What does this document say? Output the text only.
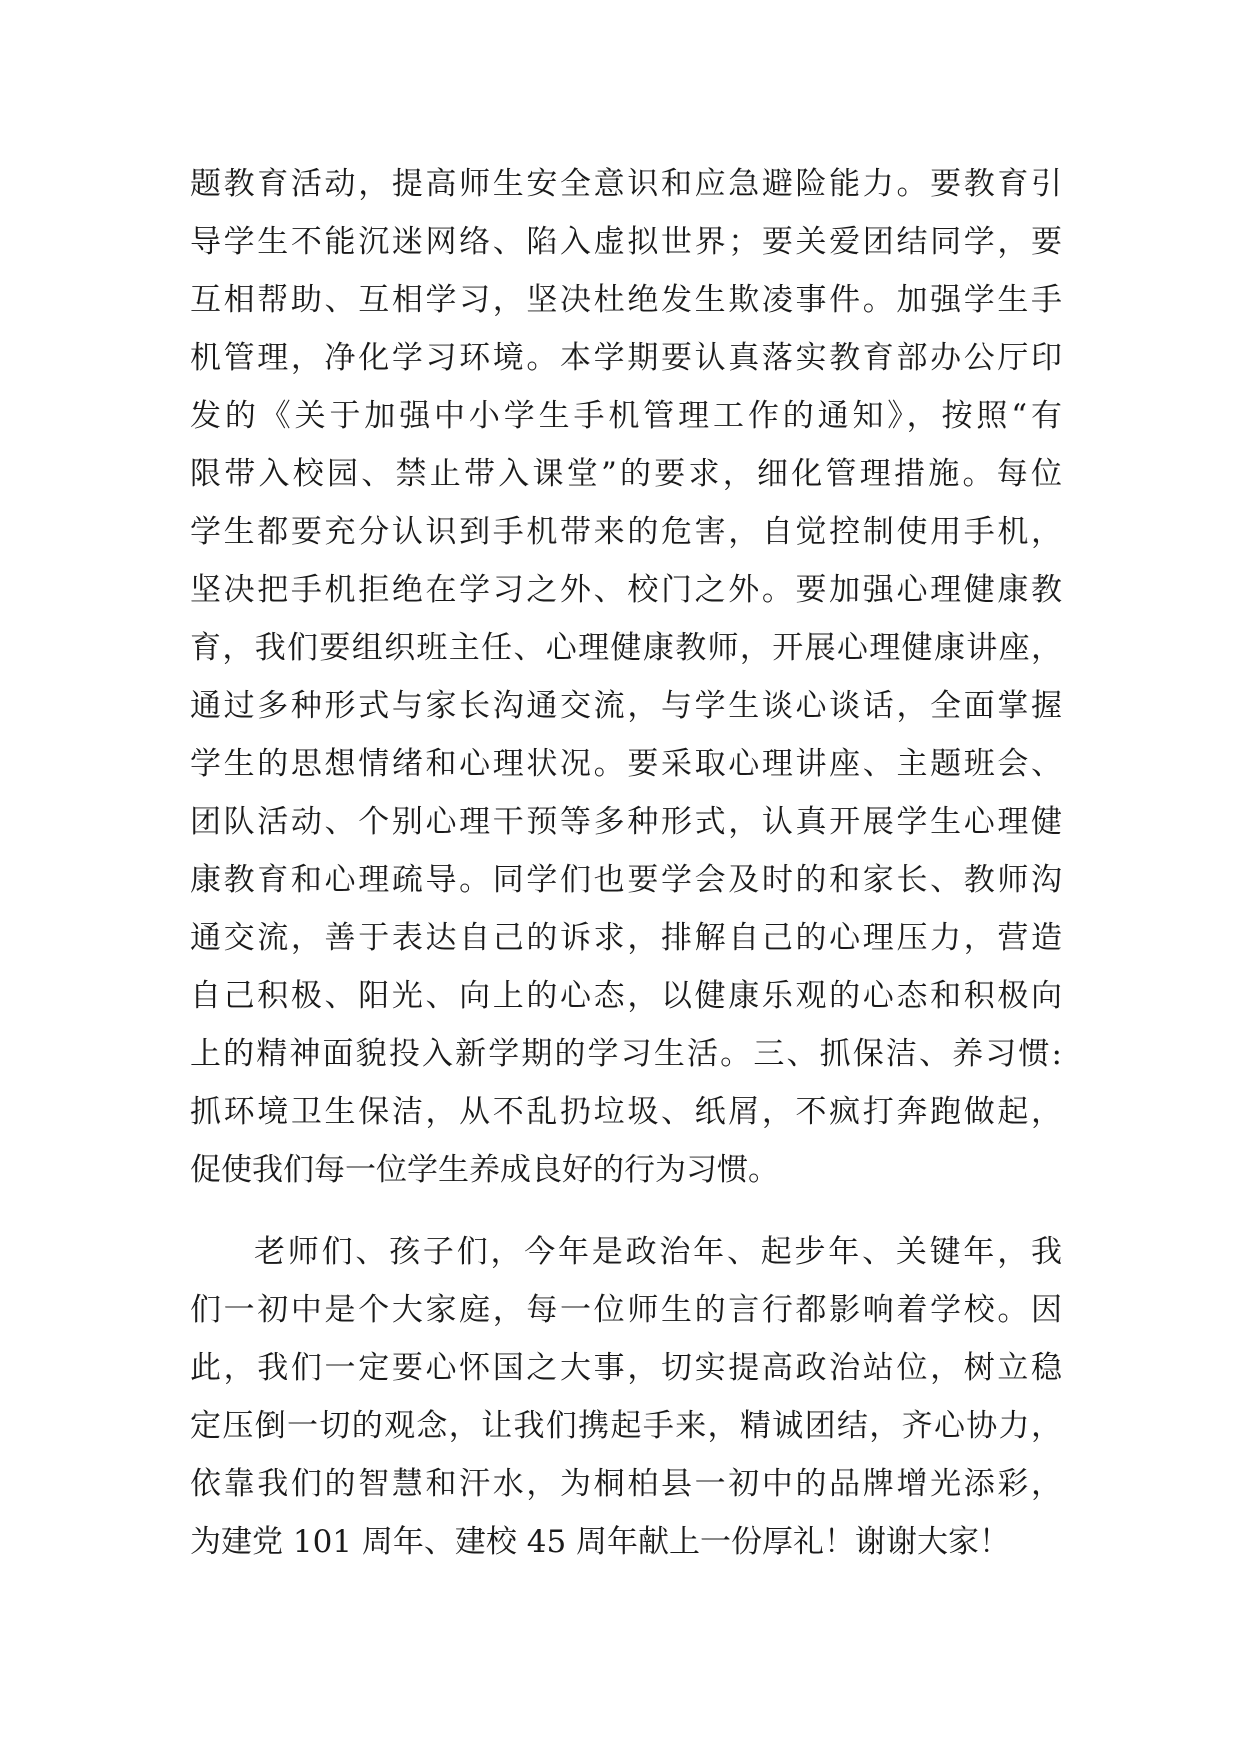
题教育活动，提高师生安全意识和应急避险能力。要教育引
导学生不能沉迷网络、陷入虚拟世界；要关爱团结同学，要
互相帮助、互相学习，坚决杜绝发生欺凌事件。加强学生手
机管理，净化学习环境。本学期要认真落实教育部办公厅印
发的《关于加强中小学生手机管理工作的通知》，按照“有
限带入校园、禁止带入课堂”的要求，细化管理措施。每位
学生都要充分认识到手机带来的危害，自觉控制使用手机，
坚决把手机拒绝在学习之外、校门之外。要加强心理健康教
育，我们要组织班主任、心理健康教师，开展心理健康讲座，
通过多种形式与家长沟通交流，与学生谈心谈话，全面掌握
学生的思想情绪和心理状况。要采取心理讲座、主题班会、
团队活动、个别心理干预等多种形式，认真开展学生心理健
康教育和心理疏导。同学们也要学会及时的和家长、教师沟
通交流，善于表达自己的诉求，排解自己的心理压力，营造
自己积极、阳光、向上的心态，以健康乐观的心态和积极向
上的精神面貌投入新学期的学习生活。三、抓保洁、养习惯:
抓环境卫生保洁，从不乱扔垃圾、纸屑，不疯打奔跑做起，
促使我们每一位学生养成良好的行为习惯。
老师们、孩子们，今年是政治年、起步年、关键年，我
们一初中是个大家庭，每一位师生的言行都影响着学校。因
此，我们一定要心怀国之大事，切实提高政治站位，树立稳
定压倒一切的观念，让我们携起手来，精诚团结，齐心协力，
依靠我们的智慧和汗水，为桐柏县一初中的品牌增光添彩，
为建党 101 周年、建校 45 周年献上一份厚礼！谢谢大家！
